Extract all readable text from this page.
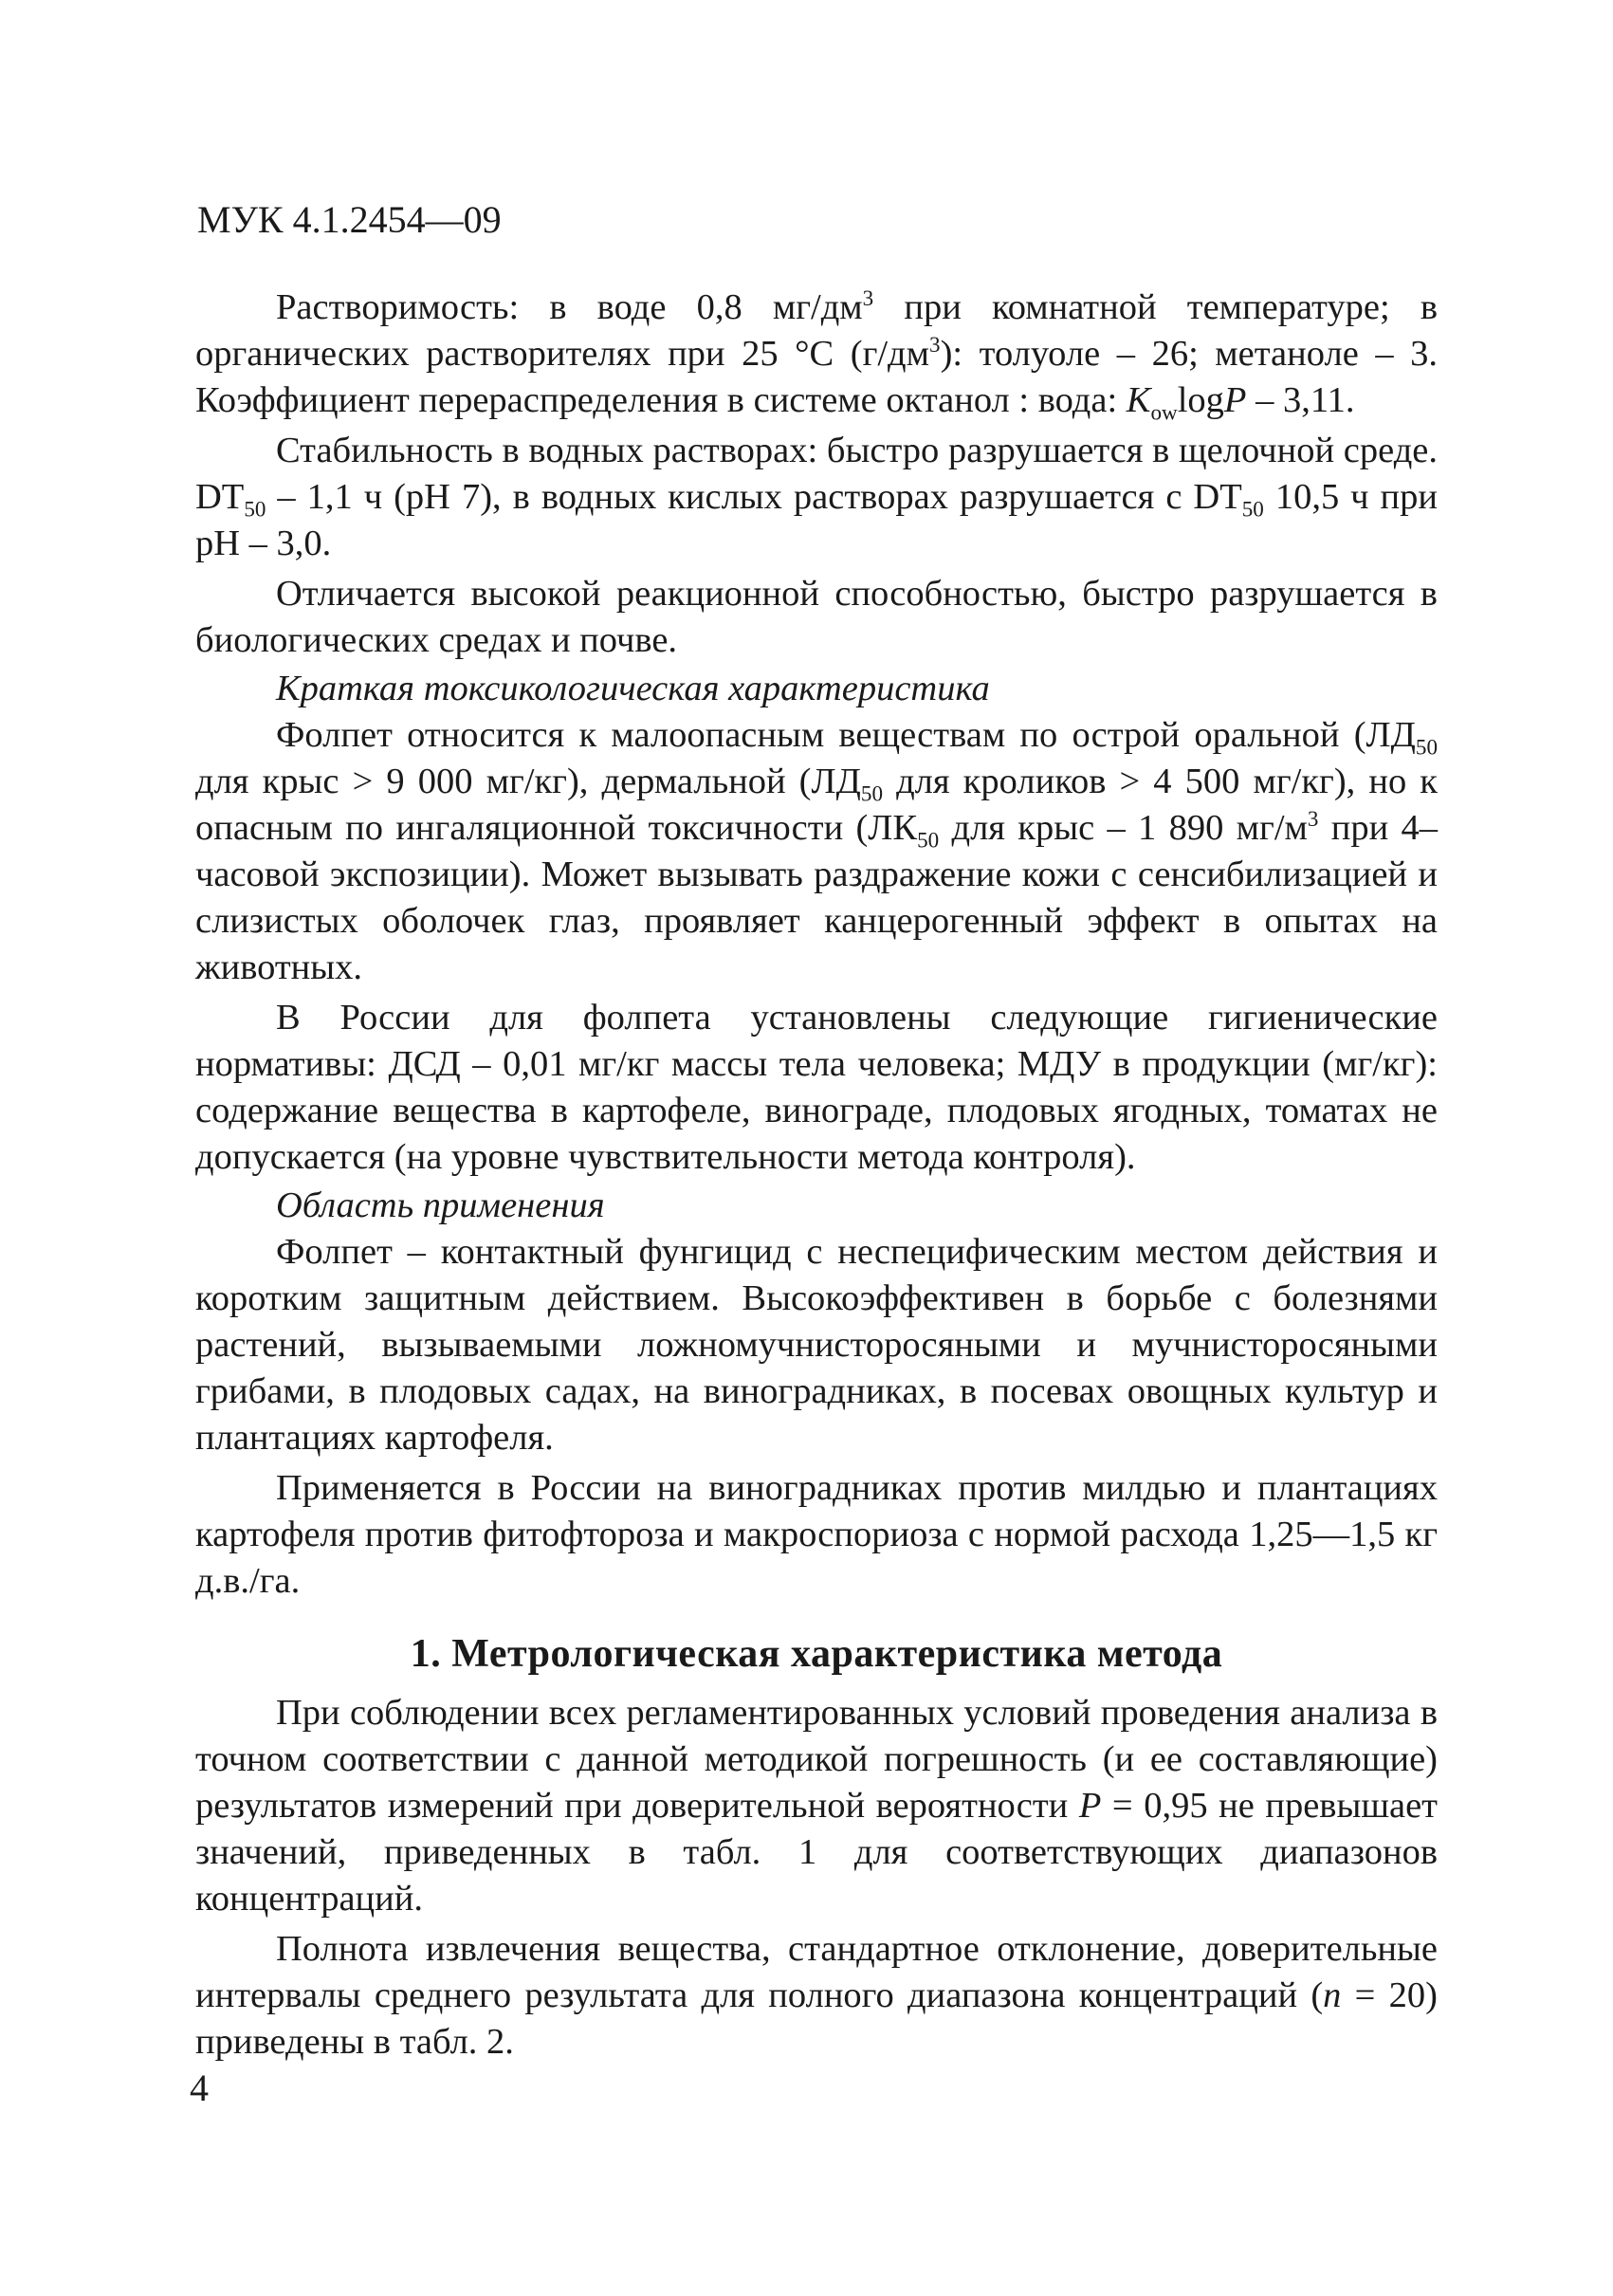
МУК 4.1.2454—09

Растворимость: в воде 0,8 $мг/дм^3$ при комнатной температуре; в органических растворителях при 25 °С $(г/дм^3)$: толуоле – 26; метаноле – 3. Коэффициент перераспределения в системе октанол : вода: $K_{ow}\log P - 3,11$.

Стабильность в водных растворах: быстро разрушается в щелочной среде. $DT_{50} - 1,1$ ч (pH 7), в водных кислых растворах разрушается с $DT_{50}$ 10,5 ч при pH – 3,0.

Отличается высокой реакционной способностью, быстро разрушается в биологических средах и почве.

Краткая токсикологическая характеристика

Фолпет относится к малоопасным веществам по острой оральной ($ЛД_{50}$ для крыс > 9 000 мг/кг), дермальной ($ЛД_{50}$ для кроликов > 4 500 мг/кг), но к опасным по ингаляционной токсичности ($ЛК_{50}$ для крыс – 1 890 $мг/м^3$ при 4–часовой экспозиции). Может вызывать раздражение кожи с сенсибилизацией и слизистых оболочек глаз, проявляет канцерогенный эффект в опытах на животных.

В России для фолпета установлены следующие гигиенические нормативы: ДСД – 0,01 мг/кг массы тела человека; МДУ в продукции (мг/кг): содержание вещества в картофеле, винограде, плодовых ягодных, томатах не допускается (на уровне чувствительности метода контроля).

Область применения

Фолпет – контактный фунгицид с неспецифическим местом действия и коротким защитным действием. Высокоэффективен в борьбе с болезнями растений, вызываемыми ложномучнисторосяными и мучнисторосяными грибами, в плодовых садах, на виноградниках, в посевах овощных культур и плантациях картофеля.

Применяется в России на виноградниках против милдью и плантациях картофеля против фитофтороза и макроспориоза с нормой расхода 1,25—1,5 кг д.в./га.

1. Метрологическая характеристика метода

При соблюдении всех регламентированных условий проведения анализа в точном соответствии с данной методикой погрешность (и ее составляющие) результатов измерений при доверительной вероятности P = 0,95 не превышает значений, приведенных в табл. 1 для соответствующих диапазонов концентраций.

Полнота извлечения вещества, стандартное отклонение, доверительные интервалы среднего результата для полного диапазона концентраций (n = 20) приведены в табл. 2.

4
